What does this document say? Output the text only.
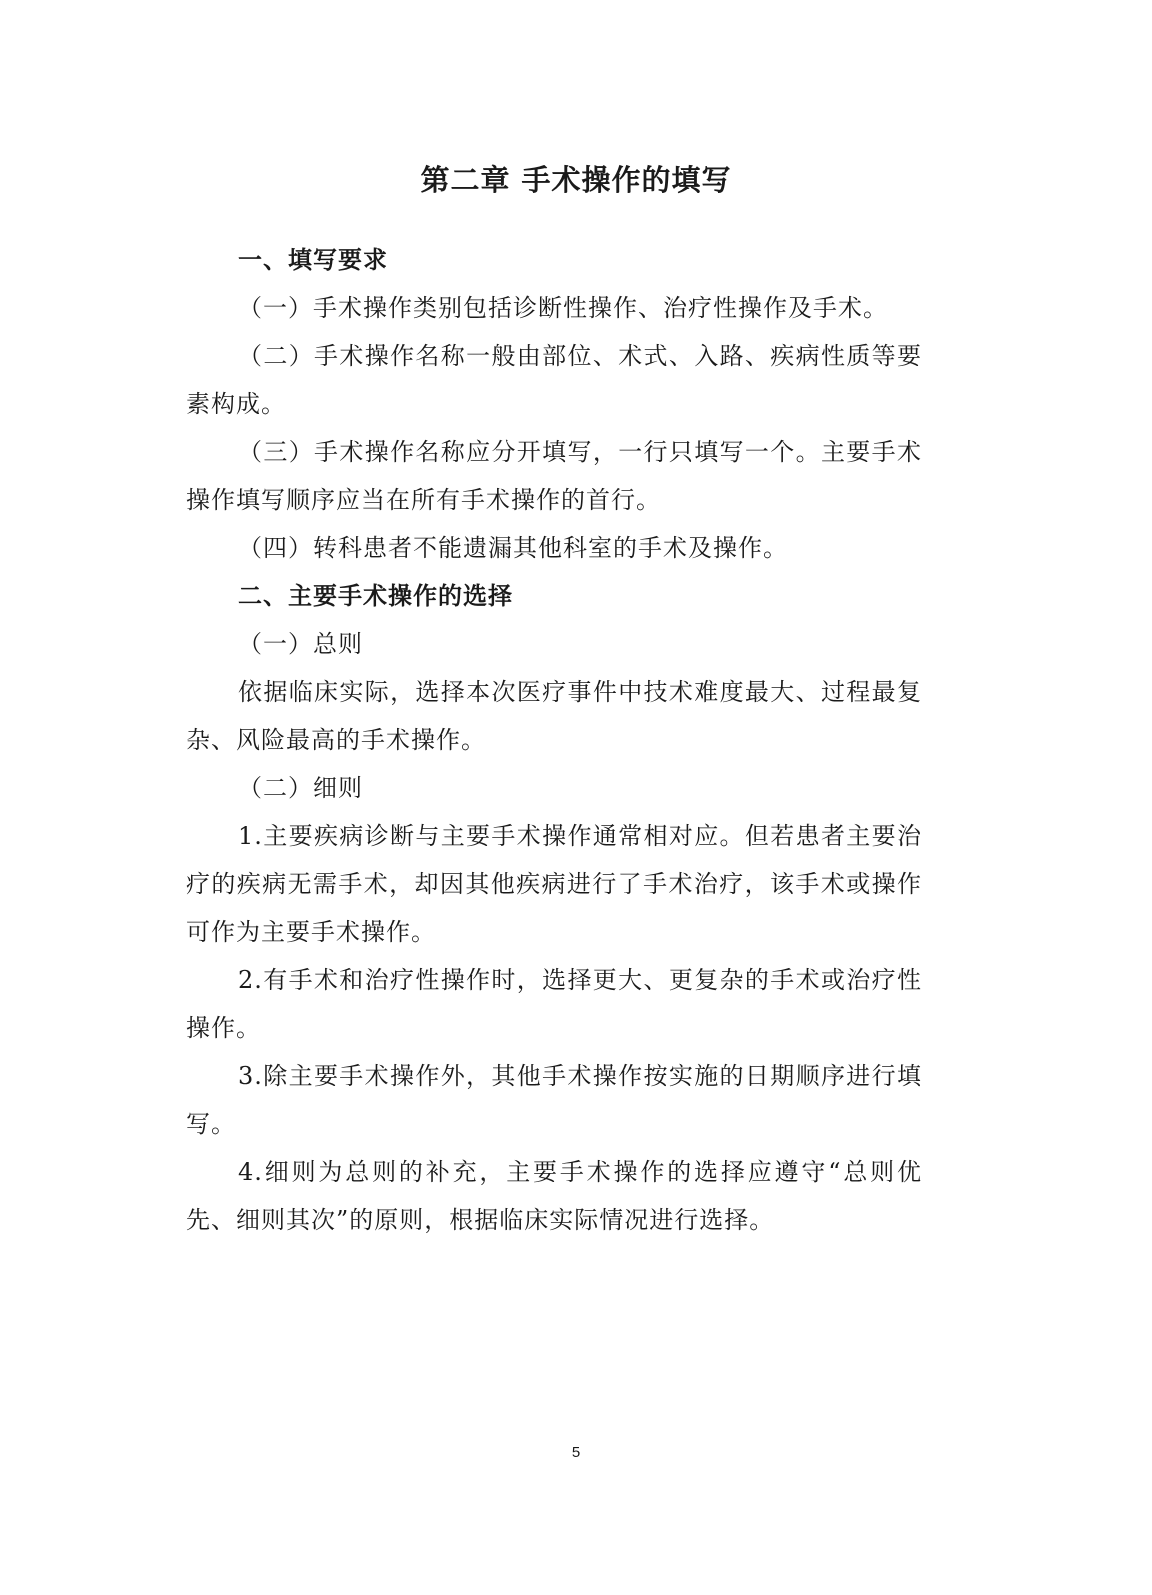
第二章 手术操作的填写

一、填写要求

（一）手术操作类别包括诊断性操作、治疗性操作及手术。

（二）手术操作名称一般由部位、术式、入路、疾病性质等要素构成。

（三）手术操作名称应分开填写，一行只填写一个。主要手术操作填写顺序应当在所有手术操作的首行。

（四）转科患者不能遗漏其他科室的手术及操作。

二、主要手术操作的选择

（一）总则

依据临床实际，选择本次医疗事件中技术难度最大、过程最复杂、风险最高的手术操作。

（二）细则

1.主要疾病诊断与主要手术操作通常相对应。但若患者主要治疗的疾病无需手术，却因其他疾病进行了手术治疗，该手术或操作可作为主要手术操作。

2.有手术和治疗性操作时，选择更大、更复杂的手术或治疗性操作。

3.除主要手术操作外，其他手术操作按实施的日期顺序进行填写。

4.细则为总则的补充，主要手术操作的选择应遵守“总则优先、细则其次”的原则，根据临床实际情况进行选择。

5
